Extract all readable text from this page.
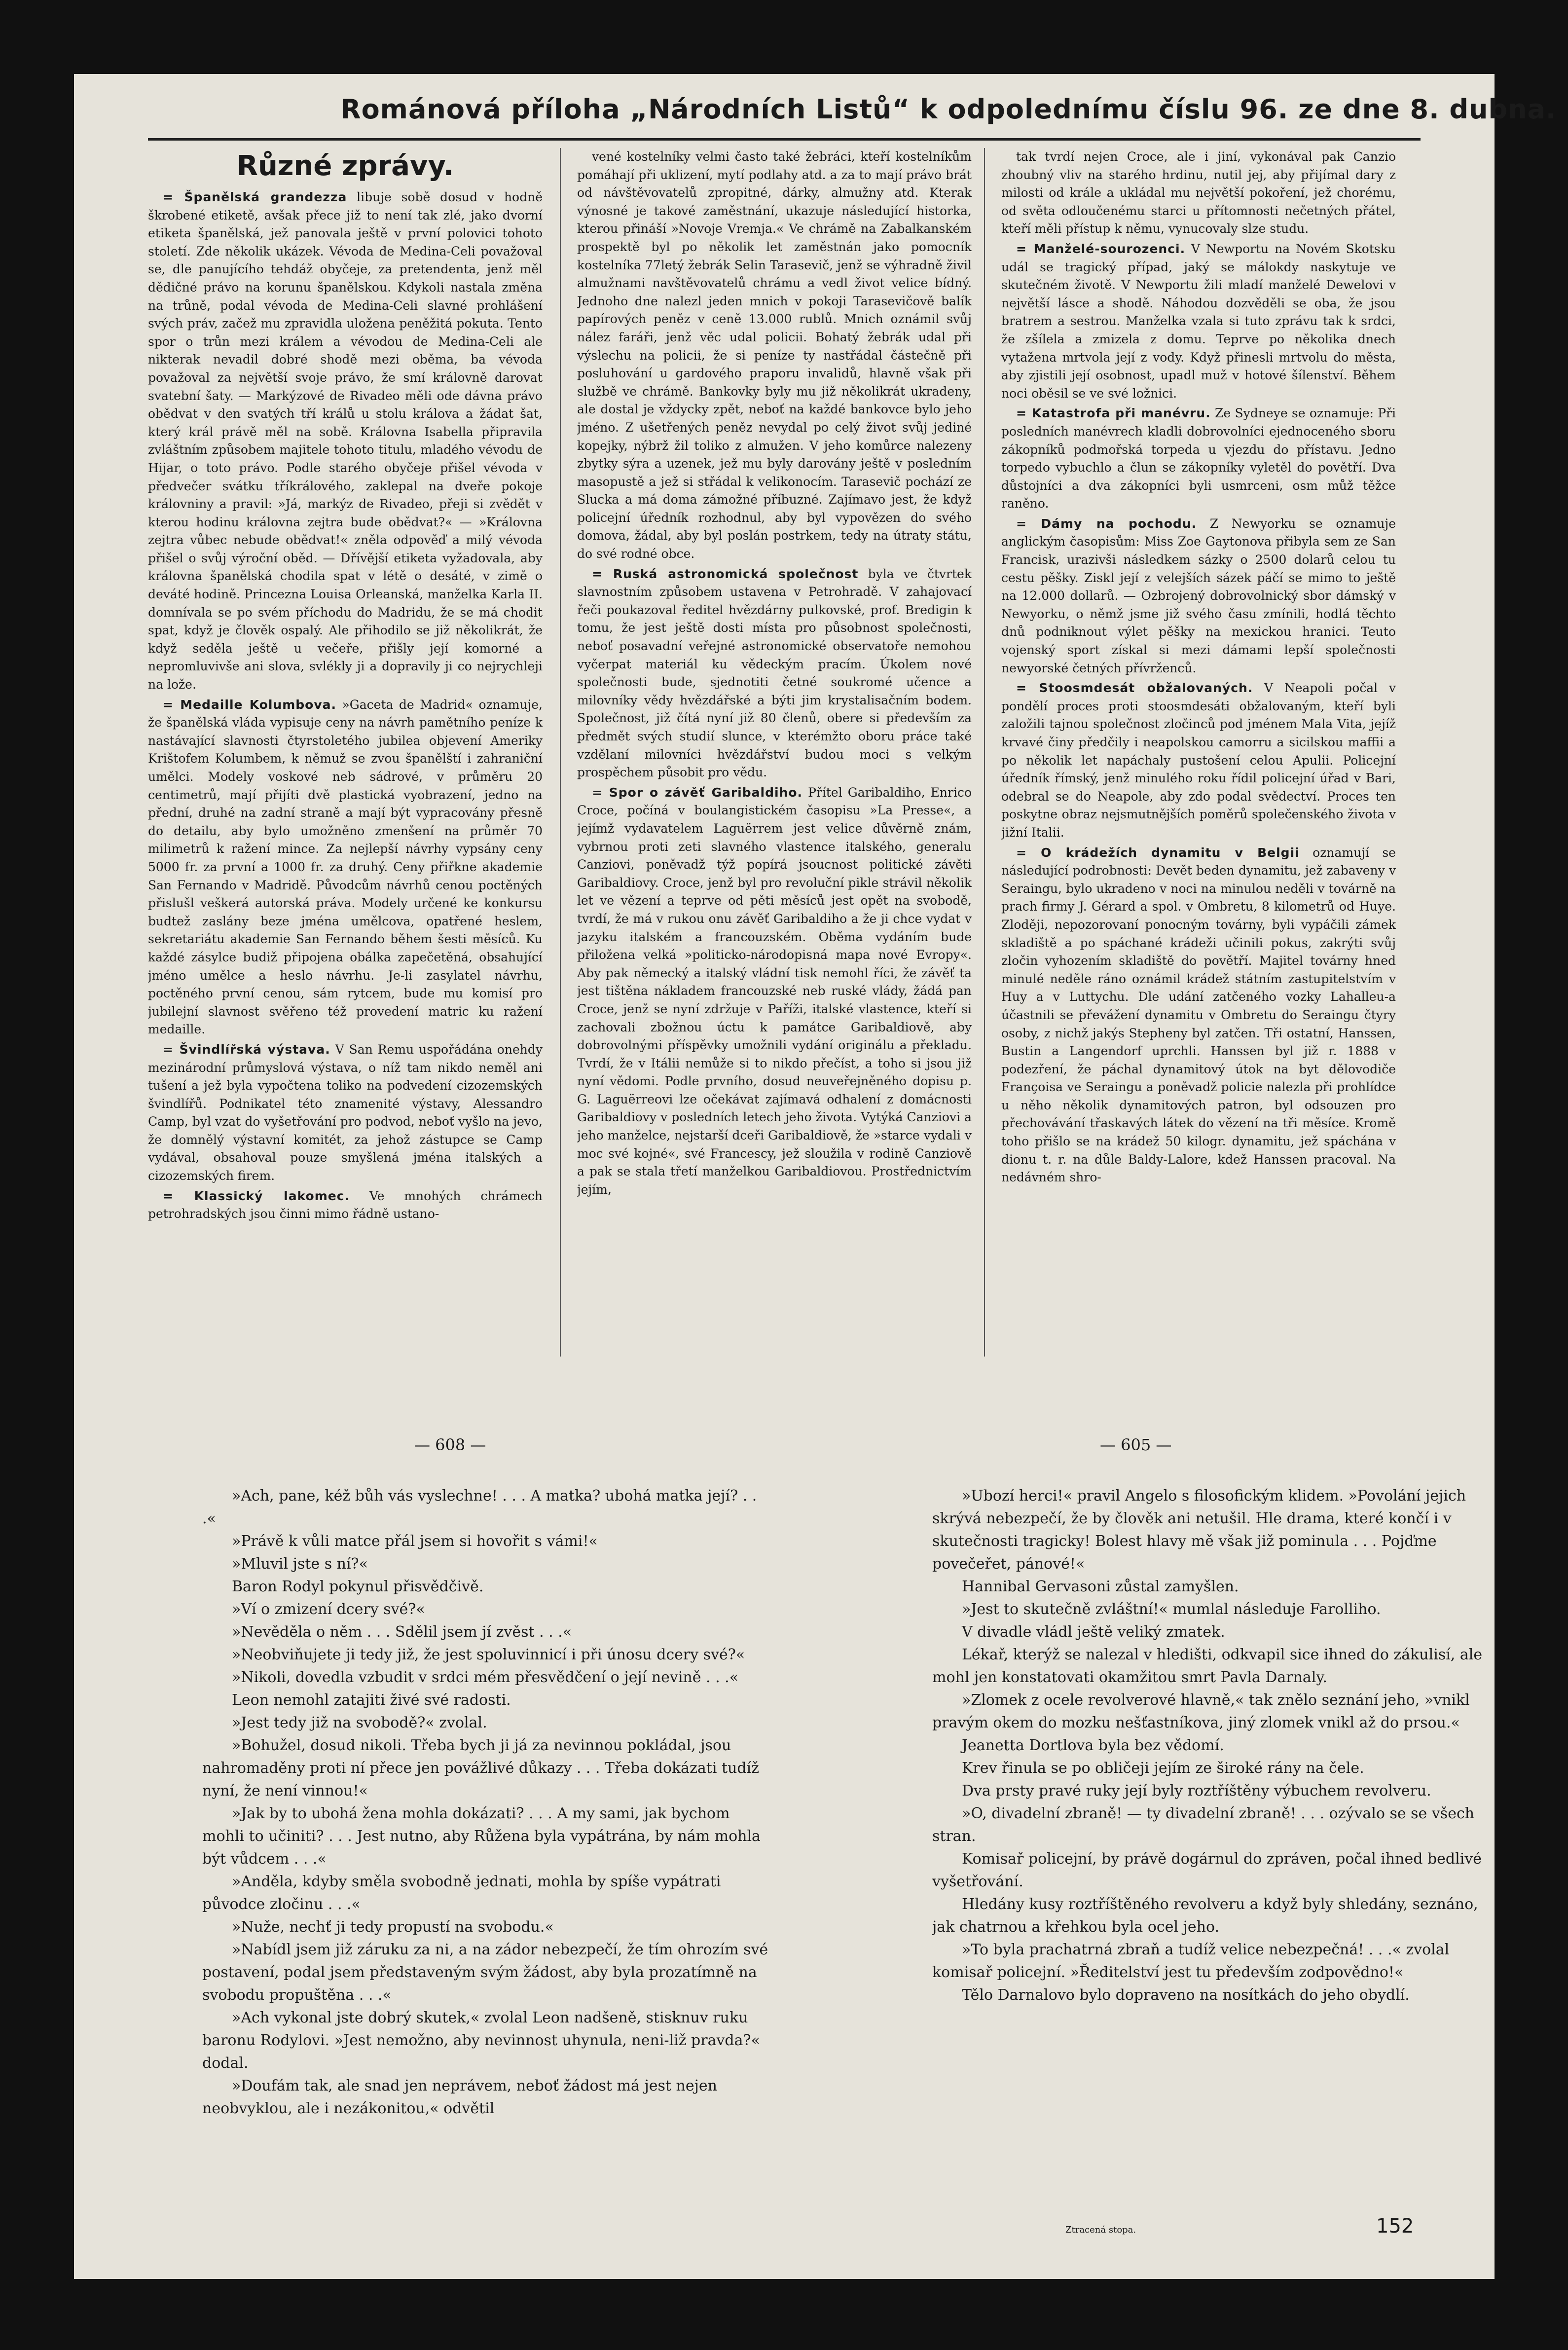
Románová příloha „Národních Listů“ k odpolednímu číslu 96. ze dne 8. dubna.
Různé zprávy.

= Španělská grandezza libuje sobě dosud v hodně škrobené etiketě, avšak přece již to není tak zlé, jako dvorní etiketa španělská, jež panovala ještě v první polovici tohoto století. Zde několik ukázek. Vévoda de Medina-Celi považoval se, dle panujícího tehdáž obyčeje, za pretendenta, jenž měl dědičné právo na korunu španělskou. Kdykoli nastala změna na trůně, podal vévoda de Medina-Celi slavné prohlášení svých práv, začež mu zpravidla uložena peněžitá pokuta. Tento spor o trůn mezi králem a vévodou de Medina-Celi ale nikterak nevadil dobré shodě mezi oběma, ba vévoda považoval za největší svoje právo, že smí královně darovat svatební šaty. — Markýzové de Rivadeo měli ode dávna právo obědvat v den svatých tří králů u stolu králova a žádat šat, který král právě měl na sobě. Královna Isabella připravila zvláštním způsobem majitele tohoto titulu, mladého vévodu de Hijar, o toto právo. Podle starého obyčeje přišel vévoda v předvečer svátku tříkrálového, zaklepal na dveře pokoje královniny a pravil: »Já, markýz de Rivadeo, přeji si zvědět v kterou hodinu královna zejtra bude obědvat?« — »Královna zejtra vůbec nebude obědvat!« zněla odpověď a milý vévoda přišel o svůj výroční oběd. — Dřívější etiketa vyžadovala, aby královna španělská chodila spat v létě o desáté, v zimě o deváté hodině. Princezna Louisa Orleanská, manželka Karla II. domnívala se po svém příchodu do Madridu, že se má chodit spat, když je člověk ospalý. Ale přihodilo se již několikrát, že když seděla ještě u večeře, přišly její komorné a nepromluvivše ani slova, svlékly ji a dopravily ji co nejrychleji na lože.

= Medaille Kolumbova. »Gaceta de Madrid« oznamuje, že španělská vláda vypisuje ceny na návrh pamětního peníze k nastávající slavnosti čtyrstoletého jubilea objevení Ameriky Krištofem Kolumbem, k němuž se zvou španělští i zahraniční umělci. Modely voskové neb sádrové, v průměru 20 centimetrů, mají přijíti dvě plastická vyobrazení, jedno na přední, druhé na zadní straně a mají být vypracovány přesně do detailu, aby bylo umožněno zmenšení na průměr 70 milimetrů k ražení mince. Za nejlepší návrhy vypsány ceny 5000 fr. za první a 1000 fr. za druhý. Ceny přiřkne akademie San Fernando v Madridě. Původcům návrhů cenou poctěných přislušl veškerá autorská práva. Modely určené ke konkursu budtež zaslány beze jména umělcova, opatřené heslem, sekretariátu akademie San Fernando během šesti měsíců. Ku každé zásylce budiž připojena obálka zapečetěná, obsahující jméno umělce a heslo návrhu. Je-li zasylatel návrhu, poctěného první cenou, sám rytcem, bude mu komisí pro jubilejní slavnost svěřeno též provedení matric ku ražení medaille.

= Švindlířská výstava. V San Remu uspořádána onehdy mezinárodní průmyslová výstava, o níž tam nikdo neměl ani tušení a jež byla vypočtena toliko na podvedení cizozemských švindlířů. Podnikatel této znamenité výstavy, Alessandro Camp, byl vzat do vyšetřování pro podvod, neboť vyšlo na jevo, že domnělý výstavní komitét, za jehož zástupce se Camp vydával, obsahoval pouze smyšlená jména italských a cizozemských firem.

= Klassický lakomec. Ve mnohých chrámech petrohradských jsou činni mimo řádně ustano-

vené kostelníky velmi často také žebráci, kteří kostelníkům pomáhají při uklizení, mytí podlahy atd. a za to mají právo brát od návštěvovatelů zpropitné, dárky, almužny atd. Kterak výnosné je takové zaměstnání, ukazuje následující historka, kterou přináší »Novoje Vremja.« Ve chrámě na Zabalkanském prospektě byl po několik let zaměstnán jako pomocník kostelníka 77letý žebrák Selin Tarasevič, jenž se výhradně živil almužnami navštěvovatelů chrámu a vedl život velice bídný. Jednoho dne nalezl jeden mnich v pokoji Tarasevičově balík papírových peněz v ceně 13.000 rublů. Mnich oznámil svůj nález faráři, jenž věc udal policii. Bohatý žebrák udal při výslechu na policii, že si peníze ty nastřádal částečně při posluhování u gardového praporu invalidů, hlavně však při službě ve chrámě. Bankovky byly mu již několikrát ukradeny, ale dostal je vždycky zpět, neboť na každé bankovce bylo jeho jméno. Z ušetřených peněz nevydal po celý život svůj jediné kopejky, nýbrž žil toliko z almužen. V jeho komůrce nalezeny zbytky sýra a uzenek, jež mu byly darovány ještě v posledním masopustě a jež si střádal k velikonocím. Tarasevič pochází ze Slucka a má doma zámožné příbuzné. Zajímavo jest, že když policejní úředník rozhodnul, aby byl vypovězen do svého domova, žádal, aby byl poslán postrkem, tedy na útraty státu, do své rodné obce.

= Ruská astronomická společnost byla ve čtvrtek slavnostním způsobem ustavena v Petrohradě. V zahajovací řeči poukazoval ředitel hvězdárny pulkovské, prof. Bredigin k tomu, že jest ještě dosti místa pro působnost společnosti, neboť posavadní veřejné astronomické observatoře nemohou vyčerpat materiál ku vědeckým pracím. Úkolem nové společnosti bude, sjednotiti četné soukromé učence a milovníky vědy hvězdářské a býti jim krystalisačním bodem. Společnost, již čítá nyní již 80 členů, obere si především za předmět svých studií slunce, v kterémžto oboru práce také vzdělaní milovníci hvězdářství budou moci s velkým prospěchem působit pro vědu.

= Spor o závěť Garibaldiho. Přítel Garibaldiho, Enrico Croce, počíná v boulangistickém časopisu »La Presse«, a jejímž vydavatelem Laguërrem jest velice důvěrně znám, vybrnou proti zeti slavného vlastence italského, generalu Canziovi, poněvadž týž popírá jsoucnost politické závěti Garibaldiovy. Croce, jenž byl pro revoluční pikle strávil několik let ve vězení a teprve od pěti měsíců jest opět na svobodě, tvrdí, že má v rukou onu závěť Garibaldiho a že ji chce vydat v jazyku italském a francouzském. Oběma vydáním bude přiložena velká »politicko-národopisná mapa nové Evropy«. Aby pak německý a italský vládní tisk nemohl říci, že závěť ta jest tištěna nákladem francouzské neb ruské vlády, žádá pan Croce, jenž se nyní zdržuje v Paříži, italské vlastence, kteří si zachovali zbožnou úctu k památce Garibaldiově, aby dobrovolnými příspěvky umožnili vydání originálu a překladu. Tvrdí, že v Itálii nemůže si to nikdo přečíst, a toho si jsou již nyní vědomi. Podle prvního, dosud neuveřejněného dopisu p. G. Laguërreovi lze očekávat zajímavá odhalení z domácnosti Garibaldiovy v posledních letech jeho života. Vytýká Canziovi a jeho manželce, nejstarší dceři Garibaldiově, že »starce vydali v moc své kojné«, své Francescy, jež sloužila v rodině Canziově a pak se stala třetí manželkou Garibaldiovou. Prostřednictvím jejím,

tak tvrdí nejen Croce, ale i jiní, vykonával pak Canzio zhoubný vliv na starého hrdinu, nutil jej, aby přijímal dary z milosti od krále a ukládal mu největší pokoření, jež chorému, od světa odloučenému starci u přítomnosti nečetných přátel, kteří měli přístup k němu, vynucovaly slze studu.

= Manželé-sourozenci. V Newportu na Novém Skotsku udál se tragický případ, jaký se málokdy naskytuje ve skutečném životě. V Newportu žili mladí manželé Dewelovi v největší lásce a shodě. Náhodou dozvěděli se oba, že jsou bratrem a sestrou. Manželka vzala si tuto zprávu tak k srdci, že zšílela a zmizela z domu. Teprve po několika dnech vytažena mrtvola její z vody. Když přinesli mrtvolu do města, aby zjistili její osobnost, upadl muž v hotové šílenství. Během noci oběsil se ve své ložnici.

= Katastrofa při manévru. Ze Sydneye se oznamuje: Při posledních manévrech kladli dobrovolníci ejednoceného sboru zákopníků podmořská torpeda u vjezdu do přístavu. Jedno torpedo vybuchlo a člun se zákopníky vyletěl do povětří. Dva důstojníci a dva zákopníci byli usmrceni, osm můž těžce raněno.

= Dámy na pochodu. Z Newyorku se oznamuje anglickým časopisům: Miss Zoe Gaytonova přibyla sem ze San Francisk, urazivši následkem sázky o 2500 dolarů celou tu cestu pěšky. Ziskl její z velejších sázek páčí se mimo to ještě na 12.000 dollarů. — Ozbrojený dobrovolnický sbor dámský v Newyorku, o němž jsme již svého času zmínili, hodlá těchto dnů podniknout výlet pěšky na mexickou hranici. Teuto vojenský sport získal si mezi dámami lepší společnosti newyorské četných přívrženců.

= Stoosmdesát obžalovaných. V Neapoli počal v pondělí proces proti stoosmdesáti obžalovaným, kteří byli založili tajnou společnost zločinců pod jménem Mala Vita, jejíž krvavé činy předčily i neapolskou camorru a sicilskou maffii a po několik let napáchaly pustošení celou Apulii. Policejní úředník římský, jenž minulého roku řídil policejní úřad v Bari, odebral se do Neapole, aby zdo podal svědectví. Proces ten poskytne obraz nejsmutnějších poměrů společenského života v jižní Italii.

= O krádežích dynamitu v Belgii oznamují se následující podrobnosti: Devět beden dynamitu, jež zabaveny v Seraingu, bylo ukradeno v noci na minulou neděli v továrně na prach firmy J. Gérard a spol. v Ombretu, 8 kilometrů od Huye. Zloději, nepozorovaní ponocným továrny, byli vypáčili zámek skladiště a po spáchané krádeži učinili pokus, zakrýti svůj zločin vyhozením skladiště do povětří. Majitel továrny hned minulé neděle ráno oznámil krádež státním zastupitelstvím v Huy a v Luttychu. Dle udání zatčeného vozky Lahalleu-a účastnili se převážení dynamitu v Ombretu do Seraingu čtyry osoby, z nichž jakýs Stepheny byl zatčen. Tři ostatní, Hanssen, Bustin a Langendorf uprchli. Hanssen byl již r. 1888 v podezření, že páchal dynamitový útok na byt dělovodiče Françoisa ve Seraingu a poněvadž policie nalezla při prohlídce u něho několik dynamitových patron, byl odsouzen pro přechovávání třaskavých látek do vězení na tři měsíce. Kromě toho přišlo se na krádež 50 kilogr. dynamitu, jež spáchána v dionu t. r. na důle Baldy-Lalore, kdež Hanssen pracoval. Na nedávném shro-

— 608 —	— 605 —

»Ach, pane, kéž bůh vás vyslechne! . . . A matka? ubohá matka její? . . .«

»Právě k vůli matce přál jsem si hovořit s vámi!«

»Mluvil jste s ní?«

Baron Rodyl pokynul přisvědčivě.

»Ví o zmizení dcery své?«

»Nevěděla o něm . . . Sdělil jsem jí zvěst . . .«

»Neobviňujete ji tedy již, že jest spoluvinnicí i při únosu dcery své?«

»Nikoli, dovedla vzbudit v srdci mém přesvědčení o její nevině . . .«

Leon nemohl zatajiti živé své radosti.

»Jest tedy již na svobodě?« zvolal.

»Bohužel, dosud nikoli. Třeba bych ji já za nevinnou pokládal, jsou nahromaděny proti ní přece jen povážlivé důkazy . . . Třeba dokázati tudíž nyní, že není vinnou!«

»Jak by to ubohá žena mohla dokázati? . . . A my sami, jak bychom mohli to učiniti? . . . Jest nutno, aby Růžena byla vypátrána, by nám mohla být vůdcem . . .«

»Anděla, kdyby směla svobodně jednati, mohla by spíše vypátrati původce zločinu . . .«

»Nuže, nechť ji tedy propustí na svobodu.«

»Nabídl jsem již záruku za ni, a na zádor nebezpečí, že tím ohrozím své postavení, podal jsem představeným svým žádost, aby byla prozatímně na svobodu propuštěna . . .«

»Ach vykonal jste dobrý skutek,« zvolal Leon nadšeně, stisknuv ruku baronu Rodylovi. »Jest nemožno, aby nevinnost uhynula, neni-liž pravda?« dodal.

»Doufám tak, ale snad jen neprávem, neboť žádost má jest nejen neobvyklou, ale i nezákonitou,« odvětil

»Ubozí herci!« pravil Angelo s filosofickým klidem. »Povolání jejich skrývá nebezpečí, že by člověk ani netušil. Hle drama, které končí i v skutečnosti tragicky! Bolest hlavy mě však již pominula . . . Pojďme povečeřet, pánové!«

Hannibal Gervasoni zůstal zamyšlen.

»Jest to skutečně zvláštní!« mumlal následuje Farolliho.

V divadle vládl ještě veliký zmatek.

Lékař, kterýž se nalezal v hledišti, odkvapil sice ihned do zákulisí, ale mohl jen konstatovati okamžitou smrt Pavla Darnaly.

»Zlomek z ocele revolverové hlavně,« tak znělo seznání jeho, »vnikl pravým okem do mozku nešťastníkova, jiný zlomek vnikl až do prsou.«

Jeanetta Dortlova byla bez vědomí.

Krev řinula se po obličeji jejím ze široké rány na čele.

Dva prsty pravé ruky její byly roztříštěny výbuchem revolveru.

»O, divadelní zbraně! — ty divadelní zbraně! . . . ozývalo se se všech stran.

Komisař policejní, by právě dogárnul do zpráven, počal ihned bedlivé vyšetřování.

Hledány kusy roztříštěného revolveru a když byly shledány, seznáno, jak chatrnou a křehkou byla ocel jeho.

»To byla prachatrná zbraň a tudíž velice nebezpečná! . . .« zvolal komisař policejní. »Ředitelství jest tu především zodpovědno!«

Tělo Darnalovo bylo dopraveno na nosítkách do jeho obydlí.

Ztracená stopa.	152
